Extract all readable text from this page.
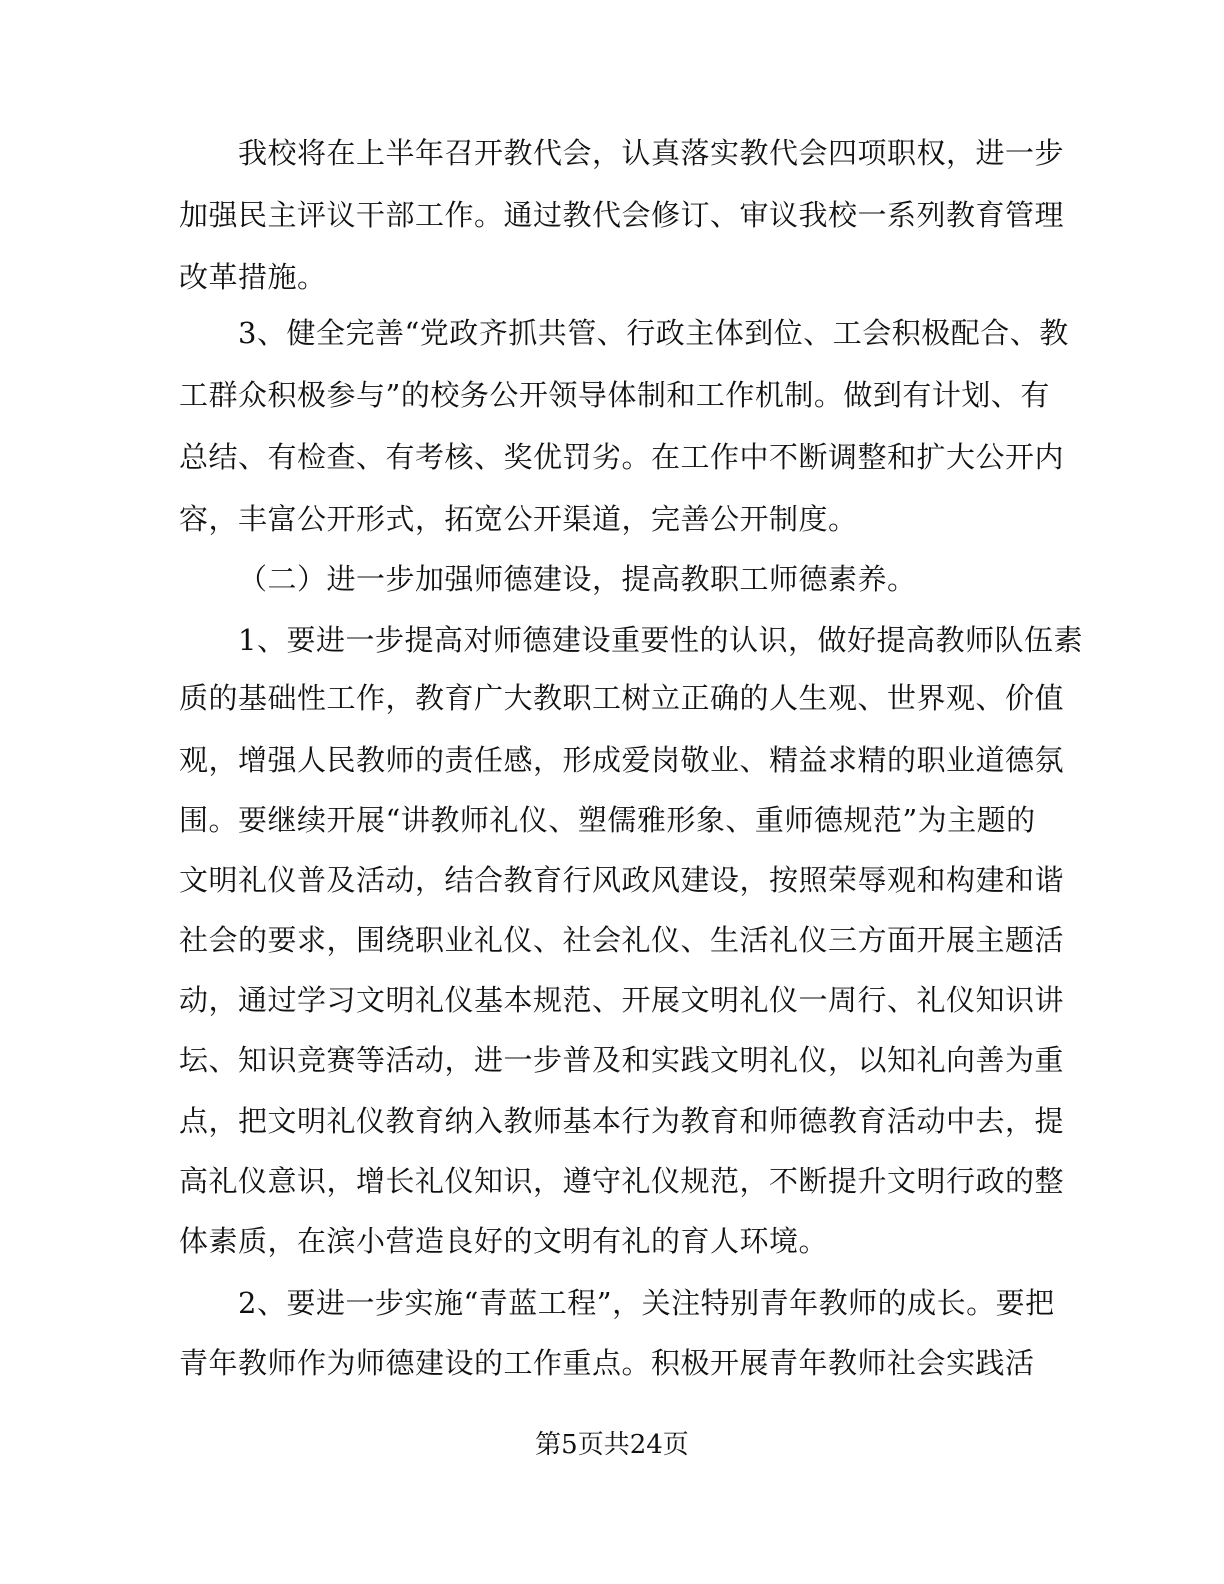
我校将在上半年召开教代会，认真落实教代会四项职权，进一步
加强民主评议干部工作。通过教代会修订、审议我校一系列教育管理
改革措施。
3、健全完善“党政齐抓共管、行政主体到位、工会积极配合、教
工群众积极参与”的校务公开领导体制和工作机制。做到有计划、有
总结、有检查、有考核、奖优罚劣。在工作中不断调整和扩大公开内
容，丰富公开形式，拓宽公开渠道，完善公开制度。
（二）进一步加强师德建设，提高教职工师德素养。
1、要进一步提高对师德建设重要性的认识，做好提高教师队伍素
质的基础性工作，教育广大教职工树立正确的人生观、世界观、价值
观，增强人民教师的责任感，形成爱岗敬业、精益求精的职业道德氛
围。要继续开展“讲教师礼仪、塑儒雅形象、重师德规范”为主题的
文明礼仪普及活动，结合教育行风政风建设，按照荣辱观和构建和谐
社会的要求，围绕职业礼仪、社会礼仪、生活礼仪三方面开展主题活
动，通过学习文明礼仪基本规范、开展文明礼仪一周行、礼仪知识讲
坛、知识竞赛等活动，进一步普及和实践文明礼仪，以知礼向善为重
点，把文明礼仪教育纳入教师基本行为教育和师德教育活动中去，提
高礼仪意识，增长礼仪知识，遵守礼仪规范，不断提升文明行政的整
体素质，在滨小营造良好的文明有礼的育人环境。
2、要进一步实施“青蓝工程”，关注特别青年教师的成长。要把
青年教师作为师德建设的工作重点。积极开展青年教师社会实践活
第5页共24页
